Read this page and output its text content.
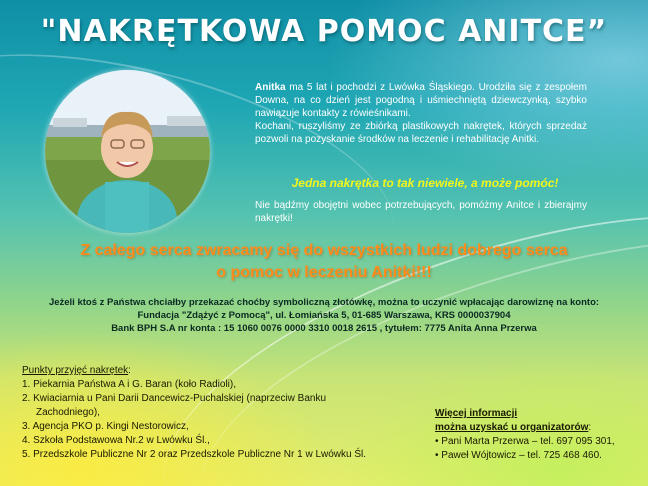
"NAKRĘTKOWA POMOC ANITCE”

Anitka ma 5 lat i pochodzi z Lwówka Śląskiego. Urodziła się z zespołem Downa, na co dzień jest pogodną i uśmiechniętą dziewczynką, szybko nawiązuje kontakty z rówieśnikami.

Kochani, ruszyliśmy ze zbiórką plastikowych nakrętek, których sprzedaż pozwoli na pozyskanie środków na leczenie i rehabilitację Anitki.

Jedna nakrętka to tak niewiele, a może pomóc!
Nie bądźmy obojętni wobec potrzebujących, pomóżmy Anitce i zbierajmy nakrętki!
Z całego serca zwracamy się do wszystkich ludzi dobrego serca
o pomoc w leczeniu Anitki!!!
Jeżeli ktoś z Państwa chciałby przekazać choćby symboliczną złotówkę, można to uczynić wpłacając darowiznę na konto:
Fundacja "Zdążyć z Pomocą", ul. Łomiańska 5, 01-685 Warszawa, KRS 0000037904
Bank BPH S.A nr konta : 15 1060 0076 0000 3310 0018 2615 , tytułem: 7775 Anita Anna Przerwa
Punkty przyjęć nakrętek:
1. Piekarnia Państwa A i G. Baran (koło Radioli),
2. Kwiaciarnia u Pani Darii Dancewicz-Puchalskiej (naprzeciw Banku
Zachodniego),
3. Agencja PKO p. Kingi Nestorowicz,
4. Szkoła Podstawowa Nr.2 w Lwówku Śl.,
5. Przedszkole Publiczne Nr 2 oraz Przedszkole Publiczne Nr 1 w Lwówku Śl.
Więcej informacji
można uzyskać u organizatorów:
• Pani Marta Przerwa – tel. 697 095 301,
• Paweł Wójtowicz – tel. 725 468 460.
